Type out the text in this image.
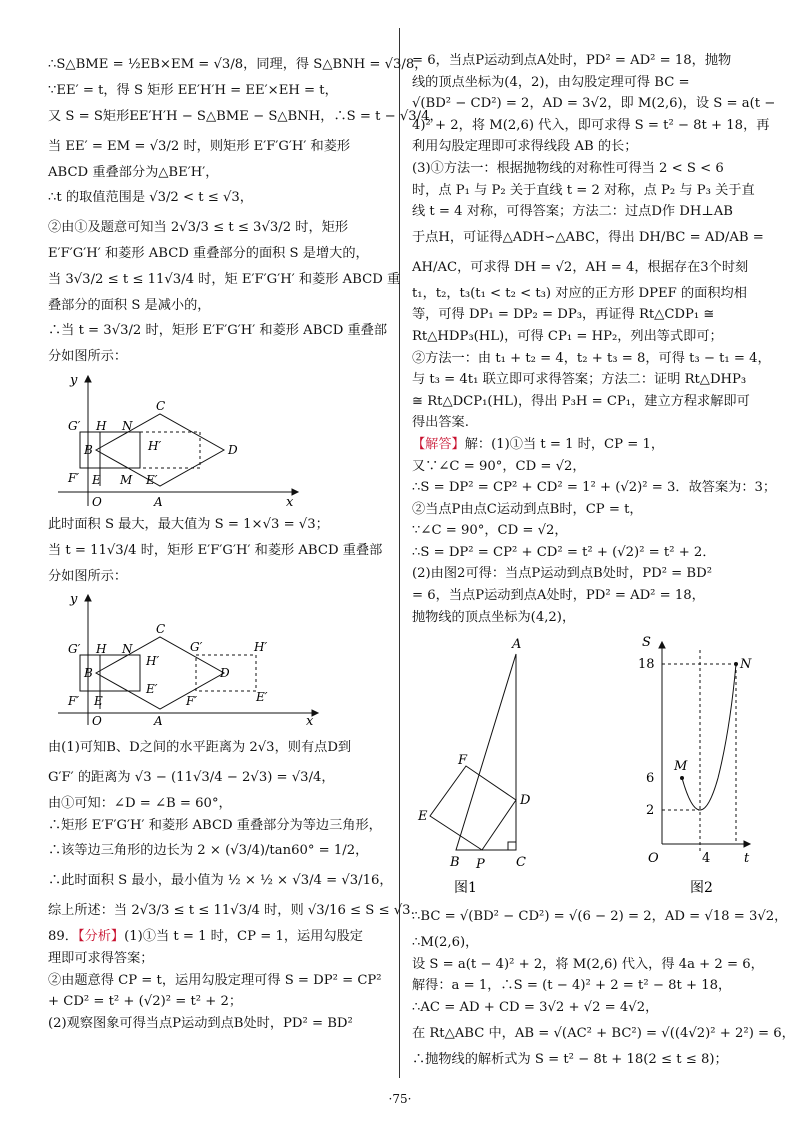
∴S△BME = ½EB×EM = √3/8，同理，得 S△BNH = √3/8，
∵EE′ = t，得 S 矩形 EE′H′H = EE′×EH = t，
又 S = S矩形EE′H′H − S△BME − S△BNH，∴S = t − √3/4，
当 EE′ = EM = √3/2 时，则矩形 E′F′G′H′ 和菱形
ABCD 重叠部分为△BE′H′，
∴t 的取值范围是 √3/2 < t ≤ √3，
②由①及题意可知当 2√3/3 ≤ t ≤ 3√3/2 时，矩形
E′F′G′H′ 和菱形 ABCD 重叠部分的面积 S 是增大的，
当 3√3/2 ≤ t ≤ 11√3/4 时，矩 E′F′G′H′ 和菱形 ABCD 重
叠部分的面积 S 是减小的，
∴当 t = 3√3/2 时，矩形 E′F′G′H′ 和菱形 ABCD 重叠部
分如图所示：
y
x
G′ H N
C
H′
B	D
F′ E M E′
O	A
此时面积 S 最大，最大值为 S = 1×√3 = √3；
当 t = 11√3/4 时，矩形 E′F′G′H′ 和菱形 ABCD 重叠部
分如图所示：
y
x
G′ H N
C
H′
G′	H′
B	D
E′
F′ E	F′	E′
O	A
由(1)可知B、D之间的水平距离为 2√3，则有点D到
G′F′ 的距离为 √3 − (11√3/4 − 2√3) = √3/4，
由①可知：∠D = ∠B = 60°，
∴矩形 E′F′G′H′ 和菱形 ABCD 重叠部分为等边三角形，
∴该等边三角形的边长为 2 × (√3/4)/tan60° = 1/2，
∴此时面积 S 最小，最小值为 ½ × ½ × √3/4 = √3/16，
综上所述：当 2√3/3 ≤ t ≤ 11√3/4 时，则 √3/16 ≤ S ≤ √3.
89．【分析】(1)①当 t = 1 时，CP = 1，运用勾股定
理即可求得答案；
②由题意得 CP = t，运用勾股定理可得 S = DP² = CP²
+ CD² = t² + (√2)² = t² + 2；
(2)观察图象可得当点P运动到点B处时，PD² = BD²
= 6，当点P运动到点A处时，PD² = AD² = 18，抛物
线的顶点坐标为(4，2)，由勾股定理可得 BC =
√(BD² − CD²) = 2，AD = 3√2，即 M(2,6)，设 S = a(t −
4)² + 2，将 M(2,6) 代入，即可求得 S = t² − 8t + 18，再
利用勾股定理即可求得线段 AB 的长；
(3)①方法一：根据抛物线的对称性可得当 2 < S < 6
时，点 P₁ 与 P₂ 关于直线 t = 2 对称，点 P₂ 与 P₃ 关于直
线 t = 4 对称，可得答案；方法二：过点D作 DH⊥AB
于点H，可证得△ADH∽△ABC，得出 DH/BC = AD/AB =
AH/AC，可求得 DH = √2，AH = 4，根据存在3个时刻
t₁，t₂，t₃(t₁ < t₂ < t₃) 对应的正方形 DPEF 的面积均相
等，可得 DP₁ = DP₂ = DP₃，再证得 Rt△CDP₁ ≅
Rt△HDP₃(HL)，可得 CP₁ = HP₂，列出等式即可；
②方法一：由 t₁ + t₂ = 4，t₂ + t₃ = 8，可得 t₃ − t₁ = 4，
与 t₃ = 4t₁ 联立即可求得答案；方法二：证明 Rt△DHP₃
≅ Rt△DCP₁(HL)，得出 P₃H = CP₁，建立方程求解即可
得出答案.
【解答】解：(1)①当 t = 1 时，CP = 1，
又∵∠C = 90°，CD = √2，
∴S = DP² = CP² + CD² = 1² + (√2)² = 3．故答案为：3；
②当点P由点C运动到点B时，CP = t，
∵∠C = 90°，CD = √2，
∴S = DP² = CP² + CD² = t² + (√2)² = t² + 2．
(2)由图2可得：当点P运动到点B处时，PD² = BD²
= 6，当点P运动到点A处时，PD² = AD² = 18，
抛物线的顶点坐标为(4,2)，
A
F
E
D
B P C
图1
S
t
18
6
2
O	4
M
N
图2
∴BC = √(BD² − CD²) = √(6 − 2) = 2，AD = √18 = 3√2，
∴M(2,6)，
设 S = a(t − 4)² + 2，将 M(2,6) 代入，得 4a + 2 = 6，
解得：a = 1，∴S = (t − 4)² + 2 = t² − 8t + 18，
∴AC = AD + CD = 3√2 + √2 = 4√2，
在 Rt△ABC 中，AB = √(AC² + BC²) = √((4√2)² + 2²) = 6，
∴抛物线的解析式为 S = t² − 8t + 18(2 ≤ t ≤ 8)；
·75·
